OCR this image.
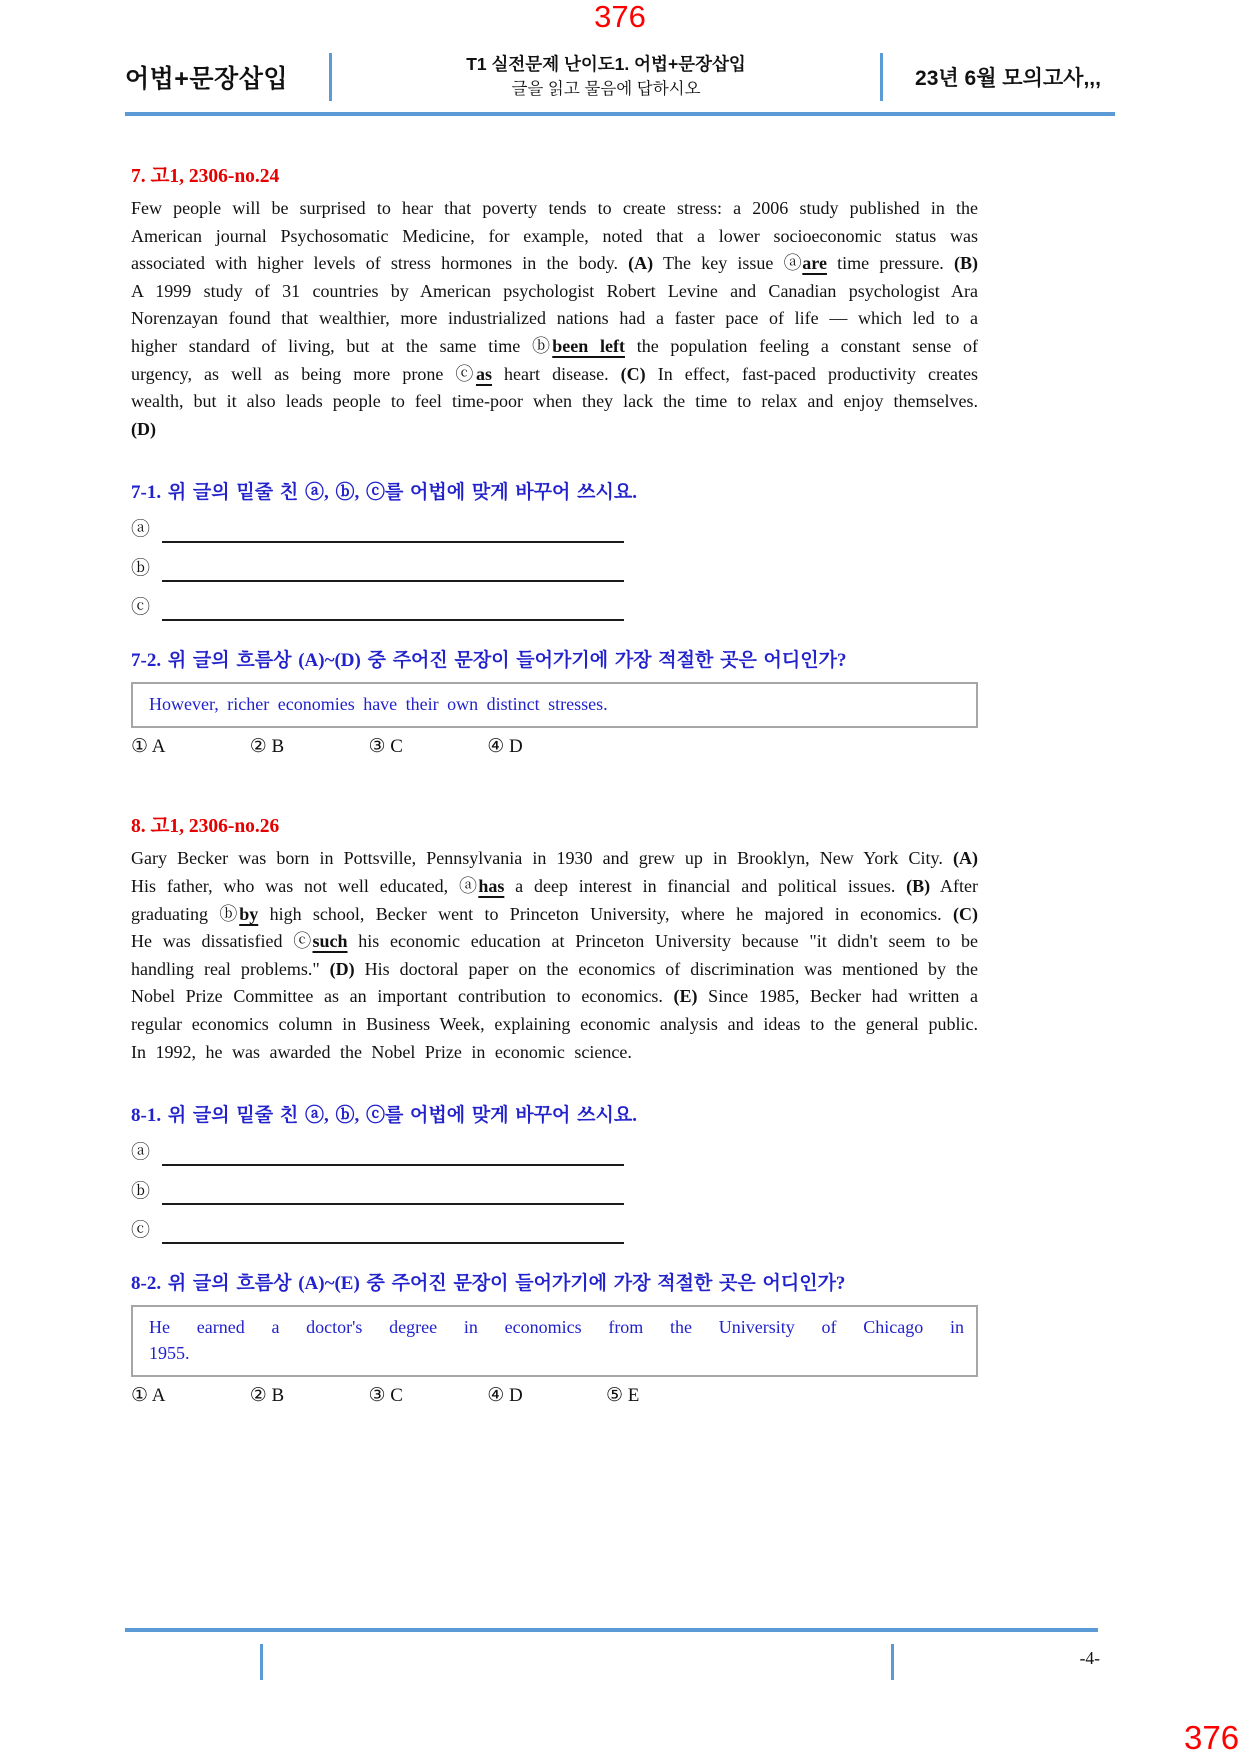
376
어법+문장삽입
T1 실전문제 난이도1. 어법+문장삽입
글을 읽고 물음에 답하시오	23년 6월 모의고사,,,
7. 고1, 2306-no.24
Few people will be surprised to hear that poverty tends to create stress: a 2006 study published in the American journal Psychosomatic Medicine, for example, noted that a lower socioeconomic status was associated with higher levels of stress hormones in the body. (A) The key issue ⓐare time pressure. (B) A 1999 study of 31 countries by American psychologist Robert Levine and Canadian psychologist Ara Norenzayan found that wealthier, more industrialized nations had a faster pace of life — which led to a higher standard of living, but at the same time ⓑbeen left the population feeling a constant sense of urgency, as well as being more prone ⓒas heart disease. (C) In effect, fast-paced productivity creates wealth, but it also leads people to feel time-poor when they lack the time to relax and enjoy themselves. (D)
7-1. 위 글의 밑줄 친 ⓐ, ⓑ, ⓒ를 어법에 맞게 바꾸어 쓰시요.
ⓐ
ⓑ
ⓒ
7-2. 위 글의 흐름상 (A)~(D) 중 주어진 문장이 들어가기에 가장 적절한 곳은 어디인가?
However, richer economies have their own distinct stresses.
① A	② B	③ C	④ D
8. 고1, 2306-no.26
Gary Becker was born in Pottsville, Pennsylvania in 1930 and grew up in Brooklyn, New York City. (A) His father, who was not well educated, ⓐhas a deep interest in financial and political issues. (B) After graduating ⓑby high school, Becker went to Princeton University, where he majored in economics. (C) He was dissatisfied ⓒsuch his economic education at Princeton University because "it didn't seem to be handling real problems." (D) His doctoral paper on the economics of discrimination was mentioned by the Nobel Prize Committee as an important contribution to economics. (E) Since 1985, Becker had written a regular economics column in Business Week, explaining economic analysis and ideas to the general public. In 1992, he was awarded the Nobel Prize in economic science.
8-1. 위 글의 밑줄 친 ⓐ, ⓑ, ⓒ를 어법에 맞게 바꾸어 쓰시요.
ⓐ
ⓑ
ⓒ
8-2. 위 글의 흐름상 (A)~(E) 중 주어진 문장이 들어가기에 가장 적절한 곳은 어디인가?
He earned a doctor's degree in economics from the University of Chicago in
1955.
① A	② B	③ C	④ D	⑤ E
-4-
376
